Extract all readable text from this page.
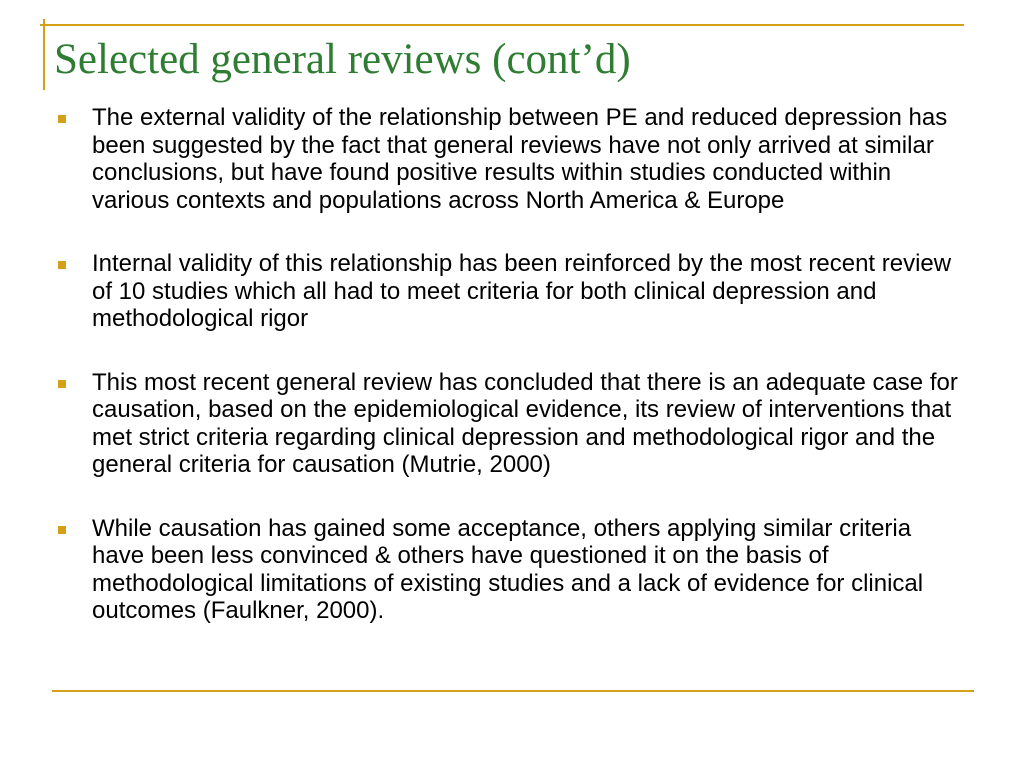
Selected general reviews (cont’d)
The external validity of the relationship between PE and reduced depression has been suggested by the fact that general reviews have not only arrived at similar conclusions, but have found positive results within studies conducted within various contexts and populations across North America & Europe
Internal validity of this relationship has been reinforced by the most recent review of 10 studies which all had to meet criteria for both clinical depression and methodological rigor
This most recent general review has concluded that there is an adequate case for causation, based on the epidemiological evidence, its review of interventions that met strict criteria regarding clinical depression and methodological rigor and the general criteria for causation (Mutrie, 2000)
While causation has gained some acceptance, others applying similar criteria have been less convinced & others have questioned it on the basis of methodological limitations of existing studies and a lack of evidence for clinical outcomes (Faulkner, 2000).
